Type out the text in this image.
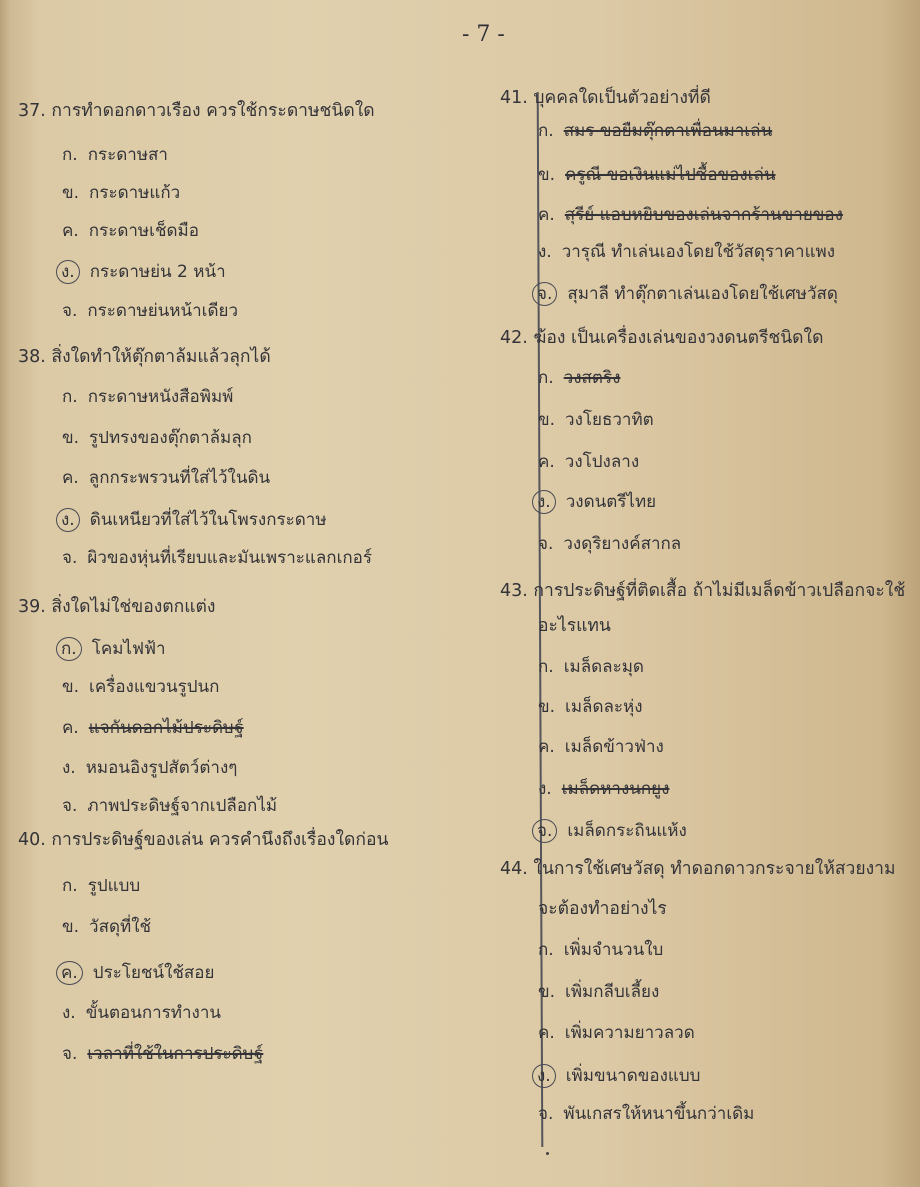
- 7 -
37. การทำดอกดาวเรือง ควรใช้กระดาษชนิดใด
ก. กระดาษสา
ข. กระดาษแก้ว
ค. กระดาษเช็ดมือ
ง. กระดาษย่น 2 หน้า
จ. กระดาษย่นหน้าเดียว
38. สิ่งใดทำให้ตุ๊กตาล้มแล้วลุกได้
ก. กระดาษหนังสือพิมพ์
ข. รูปทรงของตุ๊กตาล้มลุก
ค. ลูกกระพรวนที่ใส่ไว้ในดิน
ง. ดินเหนียวที่ใส่ไว้ในโพรงกระดาษ
จ. ผิวของหุ่นที่เรียบและมันเพราะแลกเกอร์
39. สิ่งใดไม่ใช่ของตกแต่ง
ก. โคมไฟฟ้า
ข. เครื่องแขวนรูปนก
ค. แจกันดอกไม้ประดิษฐ์
ง. หมอนอิงรูปสัตว์ต่างๆ
จ. ภาพประดิษฐ์จากเปลือกไม้
40. การประดิษฐ์ของเล่น ควรคำนึงถึงเรื่องใดก่อน
ก. รูปแบบ
ข. วัสดุที่ใช้
ค. ประโยชน์ใช้สอย
ง. ขั้นตอนการทำงาน
จ. เวลาที่ใช้ในการประดิษฐ์
41. บุคคลใดเป็นตัวอย่างที่ดี
ก. สมร ขอยืมตุ๊กตาเพื่อนมาเล่น
ข. ครูณี ขอเงินแม่ไปซื้อของเล่น
ค. สุรีย์ แอบหยิบของเล่นจากร้านขายของ
ง. วารุณี ทำเล่นเองโดยใช้วัสดุราคาแพง
จ. สุมาลี ทำตุ๊กตาเล่นเองโดยใช้เศษวัสดุ
42. ฆ้อง เป็นเครื่องเล่นของวงดนตรีชนิดใด
ก. วงสตริง
ข. วงโยธวาทิต
ค. วงโปงลาง
ง. วงดนตรีไทย
จ. วงดุริยางค์สากล
43. การประดิษฐ์ที่ติดเสื้อ ถ้าไม่มีเมล็ดข้าวเปลือกจะใช้
อะไรแทน
ก. เมล็ดละมุด
ข. เมล็ดละหุ่ง
ค. เมล็ดข้าวฟ่าง
ง. เมล็ดหางนกยูง
จ. เมล็ดกระถินแห้ง
44. ในการใช้เศษวัสดุ ทำดอกดาวกระจายให้สวยงาม
จะต้องทำอย่างไร
ก. เพิ่มจำนวนใบ
ข. เพิ่มกลีบเลี้ยง
ค. เพิ่มความยาวลวด
ง. เพิ่มขนาดของแบบ
จ. พันเกสรให้หนาขึ้นกว่าเดิม
